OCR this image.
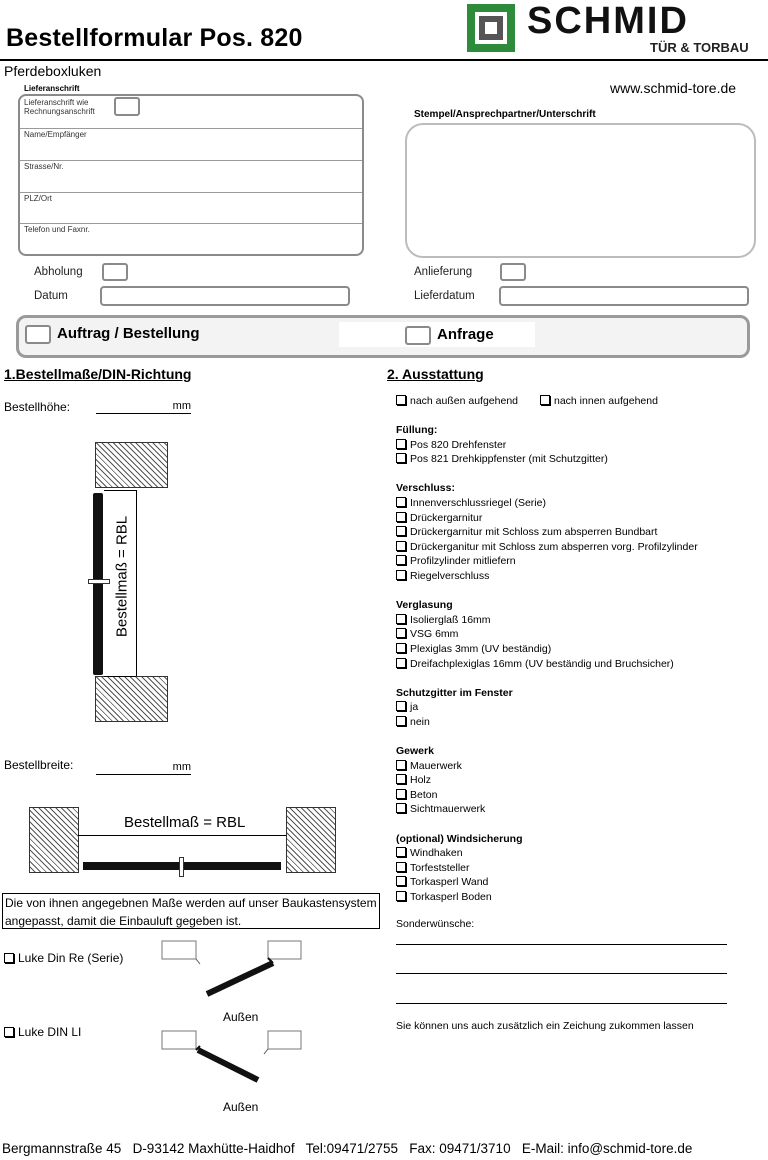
Bestellformular Pos. 820	SCHMID
TÜR & TORBAU
Pferdeboxluken
www.schmid-tore.de
Lieferanschrift
Lieferanschrift wie Rechnungsanschrift
Name/Empfänger
Strasse/Nr.
PLZ/Ort
Telefon und Faxnr.
Stempel/Ansprechpartner/Unterschrift
Abholung
Datum
Anlieferung
Lieferdatum
Auftrag / Bestellung	Anfrage
1.Bestellmaße/DIN-Richtung
Bestellhöhe:	mm
Bestellmaß = RBL
Bestellbreite:	mm
Bestellmaß = RBL
Die von ihnen angegebnen Maße werden auf unser Baukastensystem angepasst, damit die Einbauluft gegeben ist.
Luke Din Re (Serie)
Außen
Luke DIN LI
Außen
2. Ausstattung
nach außen aufgehend	nach innen aufgehend
Füllung:
Pos 820 Drehfenster
Pos 821 Drehkippfenster (mit Schutzgitter)
Verschluss:
Innenverschlussriegel (Serie)
Drückergarnitur
Drückergarnitur mit Schloss zum absperren Bundbart
Drückerganitur mit Schloss zum absperren vorg. Profilzylinder
Profilzylinder mitliefern
Riegelverschluss
Verglasung
Isolierglaß 16mm
VSG 6mm
Plexiglas 3mm (UV beständig)
Dreifachplexiglas 16mm (UV beständig und Bruchsicher)
Schutzgitter im Fenster
ja
nein
Gewerk
Mauerwerk
Holz
Beton
Sichtmauerwerk
(optional) Windsicherung
Windhaken
Torfeststeller
Torkasperl Wand
Torkasperl Boden
Sonderwünsche:
Sie können uns auch zusätzlich ein Zeichung zukommen lassen
Bergmannstraße 45   D-93142 Maxhütte-Haidhof   Tel:09471/2755   Fax: 09471/3710   E-Mail: info@schmid-tore.de
